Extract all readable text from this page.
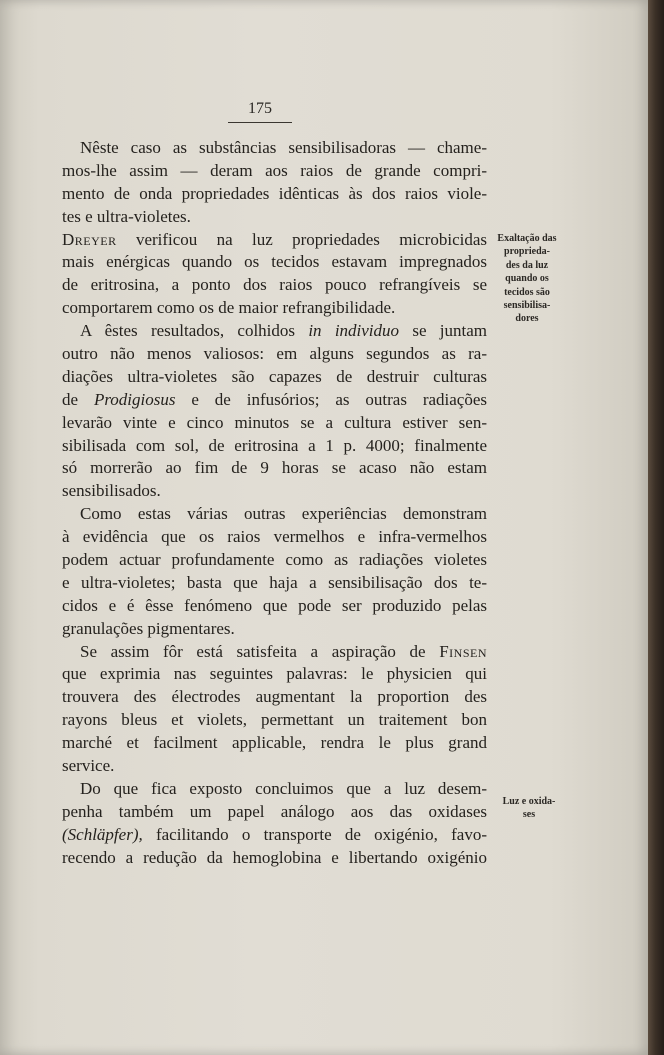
175
Nêste caso as substâncias sensibilisadoras — chame-
mos-lhe assim — deram aos raios de grande compri-
mento de onda propriedades idênticas às dos raios viole-
tes e ultra-violetes.
Dreyer verificou na luz propriedades microbicidas
mais enérgicas quando os tecidos estavam impregnados
de eritrosina, a ponto dos raios pouco refrangíveis se
comportarem como os de maior refrangibilidade.
A êstes resultados, colhidos in individuo se juntam
outro não menos valiosos: em alguns segundos as ra-
diações ultra-violetes são capazes de destruir culturas
de Prodigiosus e de infusórios; as outras radiações
levarão vinte e cinco minutos se a cultura estiver sen-
sibilisada com sol, de eritrosina a 1 p. 4000; finalmente
só morrerão ao fim de 9 horas se acaso não estam
sensibilisados.
Como estas várias outras experiências demonstram
à evidência que os raios vermelhos e infra-vermelhos
podem actuar profundamente como as radiações violetes
e ultra-violetes; basta que haja a sensibilisação dos te-
cidos e é êsse fenómeno que pode ser produzido pelas
granulações pigmentares.
Se assim fôr está satisfeita a aspiração de Finsen
que exprimia nas seguintes palavras: le physicien qui
trouvera des électrodes augmentant la proportion des
rayons bleus et violets, permettant un traitement bon
marché et facilment applicable, rendra le plus grand
service.
Do que fica exposto concluimos que a luz desem-
penha também um papel análogo aos das oxidases
(Schläpfer), facilitando o transporte de oxigénio, favo-
recendo a redução da hemoglobina e libertando oxigénio
Exaltação das
proprieda-
des da luz
quando os
tecidos são
sensibilisa-
dores
Luz e oxida-
ses
